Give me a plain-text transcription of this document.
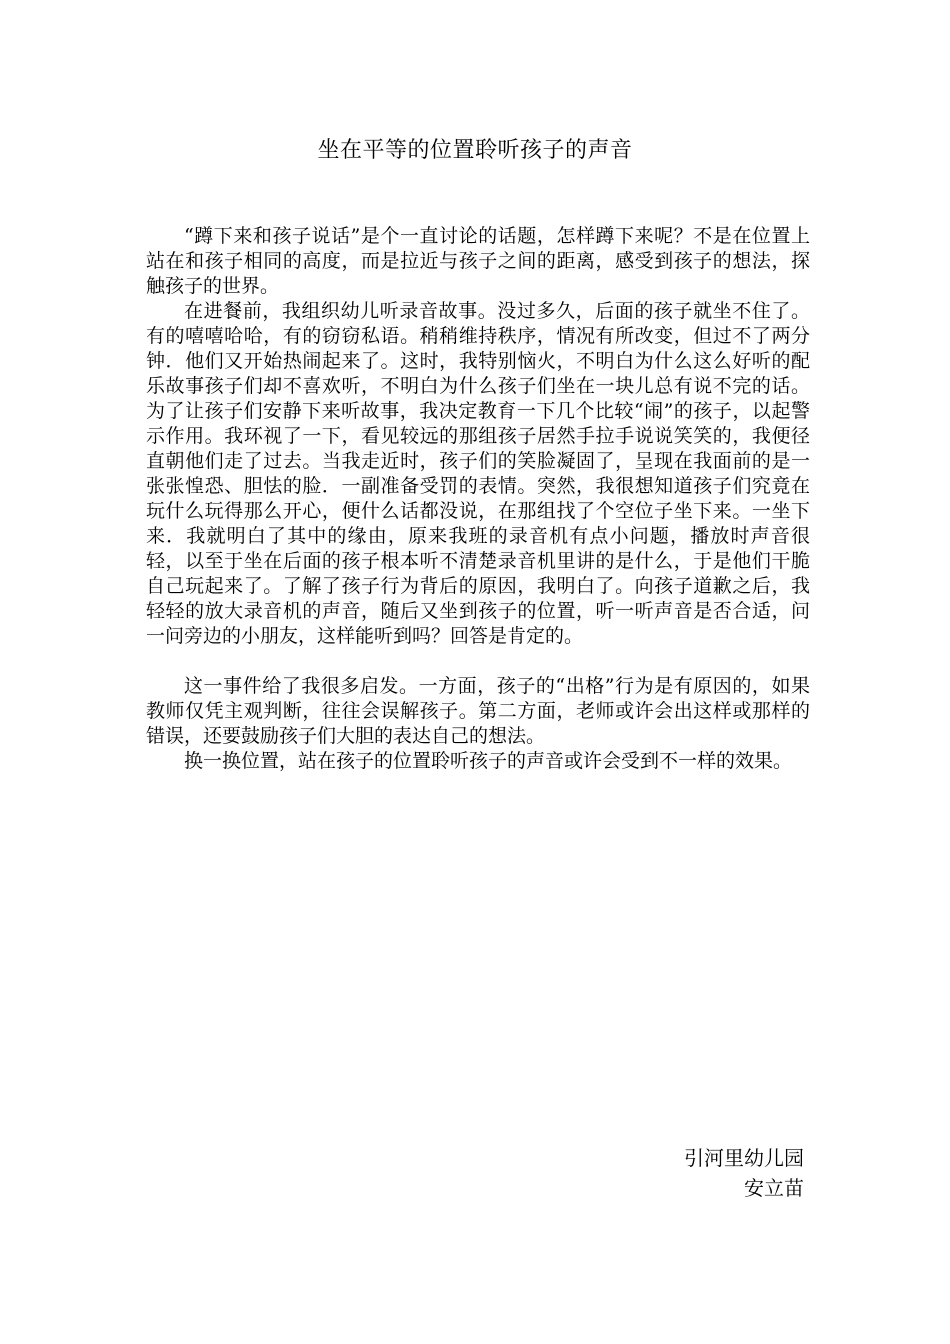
坐在平等的位置聆听孩子的声音

“蹲下来和孩子说话”是个一直讨论的话题，怎样蹲下来呢？不是在位置上站在和孩子相同的高度，而是拉近与孩子之间的距离，感受到孩子的想法，探触孩子的世界。

在进餐前，我组织幼儿听录音故事。没过多久，后面的孩子就坐不住了。有的嘻嘻哈哈，有的窃窃私语。稍稍维持秩序，情况有所改变，但过不了两分钟．他们又开始热闹起来了。这时，我特别恼火，不明白为什么这么好听的配乐故事孩子们却不喜欢听，不明白为什么孩子们坐在一块儿总有说不完的话。为了让孩子们安静下来听故事，我决定教育一下几个比较“闹”的孩子，以起警示作用。我环视了一下，看见较远的那组孩子居然手拉手说说笑笑的，我便径直朝他们走了过去。当我走近时，孩子们的笑脸凝固了，呈现在我面前的是一张张惶恐、胆怯的脸．一副准备受罚的表情。突然，我很想知道孩子们究竟在玩什么玩得那么开心，便什么话都没说，在那组找了个空位子坐下来。一坐下来．我就明白了其中的缘由，原来我班的录音机有点小问题，播放时声音很轻，以至于坐在后面的孩子根本听不清楚录音机里讲的是什么，于是他们干脆自己玩起来了。了解了孩子行为背后的原因，我明白了。向孩子道歉之后，我轻轻的放大录音机的声音，随后又坐到孩子的位置，听一听声音是否合适，问一问旁边的小朋友，这样能听到吗？回答是肯定的。

这一事件给了我很多启发。一方面，孩子的“出格”行为是有原因的，如果教师仅凭主观判断，往往会误解孩子。第二方面，老师或许会出这样或那样的错误，还要鼓励孩子们大胆的表达自己的想法。

换一换位置，站在孩子的位置聆听孩子的声音或许会受到不一样的效果。

引河里幼儿园
安立苗
